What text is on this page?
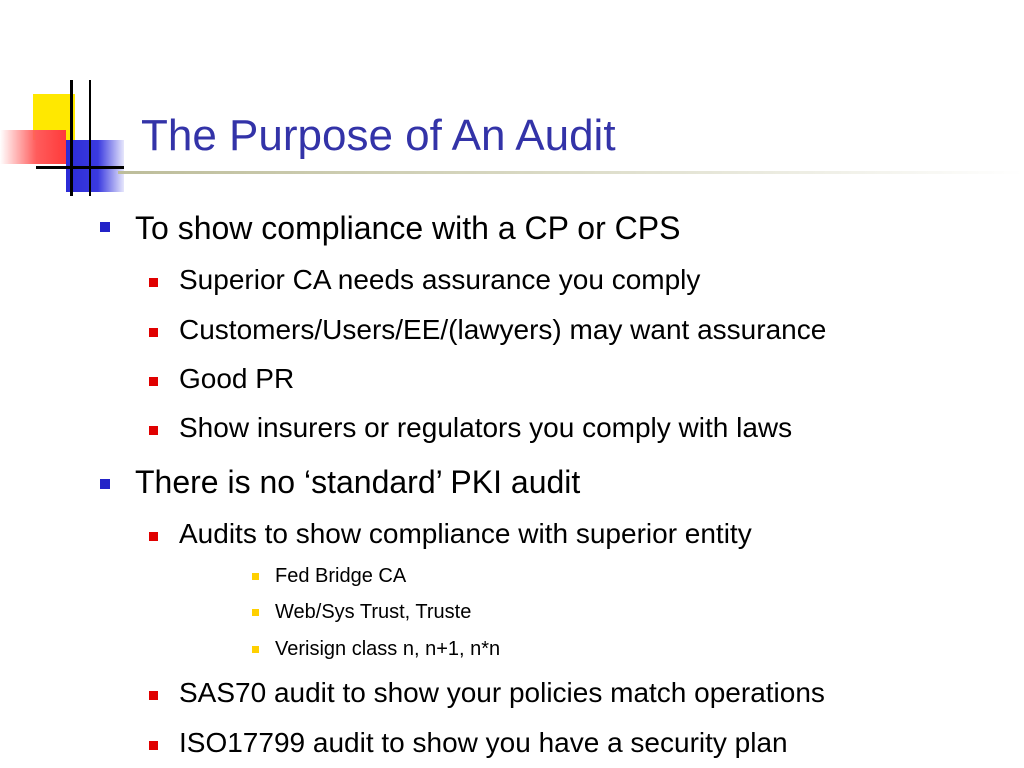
The Purpose of An Audit
To show compliance with a CP or CPS
Superior CA needs assurance you comply
Customers/Users/EE/(lawyers) may want assurance
Good PR
Show insurers or regulators you comply with laws
There is no ‘standard’ PKI audit
Audits to show compliance with superior entity
Fed Bridge CA
Web/Sys Trust, Truste
Verisign class n, n+1, n*n
SAS70 audit to show your policies match operations
ISO17799 audit to show you have a security plan
